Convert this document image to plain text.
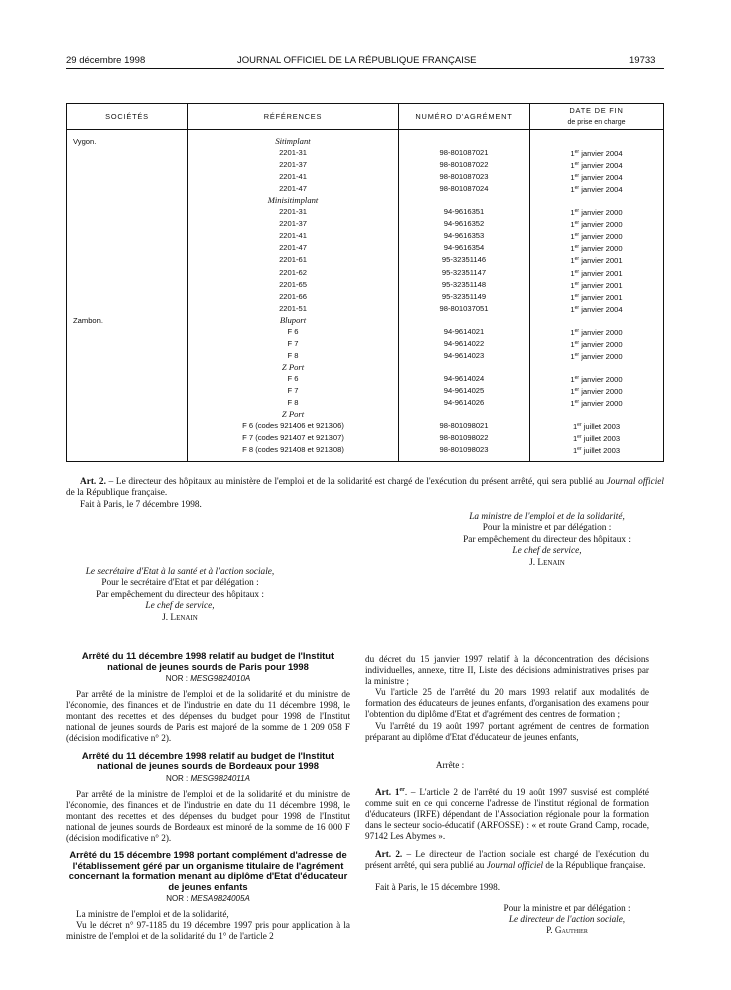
29 décembre 1998	JOURNAL OFFICIEL DE LA RÉPUBLIQUE FRANÇAISE	19733
SOCIÉTÉS	RÉFÉRENCES	NUMÉRO D'AGRÉMENT	DATE DE FIN
de prise en charge

Vygon.	Sitimplant		
	2201-31	98-801087021	1er janvier 2004
	2201-37	98-801087022	1er janvier 2004
	2201-41	98-801087023	1er janvier 2004
	2201-47	98-801087024	1er janvier 2004
	Minisitimplant		
	2201-31	94-9616351	1er janvier 2000
	2201-37	94-9616352	1er janvier 2000
	2201-41	94-9616353	1er janvier 2000
	2201-47	94-9616354	1er janvier 2000
	2201-61	95-32351146	1er janvier 2001
	2201-62	95-32351147	1er janvier 2001
	2201-65	95-32351148	1er janvier 2001
	2201-66	95-32351149	1er janvier 2001
	2201-51	98-801037051	1er janvier 2004
Zambon.	Bluport		
	F 6	94-9614021	1er janvier 2000
	F 7	94-9614022	1er janvier 2000
	F 8	94-9614023	1er janvier 2000
	Z Port		
	F 6	94-9614024	1er janvier 2000
	F 7	94-9614025	1er janvier 2000
	F 8	94-9614026	1er janvier 2000
	Z Port		
	F 6 (codes 921406 et 921306)	98-801098021	1er juillet 2003
	F 7 (codes 921407 et 921307)	98-801098022	1er juillet 2003
	F 8 (codes 921408 et 921308)	98-801098023	1er juillet 2003
Art. 2. – Le directeur des hôpitaux au ministère de l'emploi et de la solidarité est chargé de l'exécution du présent arrêté, qui sera publié au Journal officiel de la République française.
Fait à Paris, le 7 décembre 1998.
La ministre de l'emploi et de la solidarité,
Pour la ministre et par délégation :
Par empêchement du directeur des hôpitaux :
Le chef de service,
J. Lenain
Le secrétaire d'Etat à la santé et à l'action sociale,
Pour le secrétaire d'Etat et par délégation :
Par empêchement du directeur des hôpitaux :
Le chef de service,
J. Lenain
Arrêté du 11 décembre 1998 relatif au budget de l'Institut national de jeunes sourds de Paris pour 1998
NOR : MESG9824010A

Par arrêté de la ministre de l'emploi et de la solidarité et du ministre de l'économie, des finances et de l'industrie en date du 11 décembre 1998, le montant des recettes et des dépenses du budget pour 1998 de l'Institut national de jeunes sourds de Paris est majoré de la somme de 1 209 058 F (décision modificative n° 2).

Arrêté du 11 décembre 1998 relatif au budget de l'Institut national de jeunes sourds de Bordeaux pour 1998
NOR : MESG9824011A

Par arrêté de la ministre de l'emploi et de la solidarité et du ministre de l'économie, des finances et de l'industrie en date du 11 décembre 1998, le montant des recettes et des dépenses du budget pour 1998 de l'Institut national de jeunes sourds de Bordeaux est minoré de la somme de 16 000 F (décision modificative n° 2).

Arrêté du 15 décembre 1998 portant complément d'adresse de l'établissement géré par un organisme titulaire de l'agrément concernant la formation menant au diplôme d'Etat d'éducateur de jeunes enfants
NOR : MESA9824005A

La ministre de l'emploi et de la solidarité,

Vu le décret n° 97-1185 du 19 décembre 1997 pris pour application à la ministre de l'emploi et de la solidarité du 1° de l'article 2

du décret du 15 janvier 1997 relatif à la déconcentration des décisions individuelles, annexe, titre II, Liste des décisions administratives prises par la ministre ;

Vu l'article 25 de l'arrêté du 20 mars 1993 relatif aux modalités de formation des éducateurs de jeunes enfants, d'organisation des examens pour l'obtention du diplôme d'Etat et d'agrément des centres de formation ;

Vu l'arrêté du 19 août 1997 portant agrément de centres de formation préparant au diplôme d'Etat d'éducateur de jeunes enfants,

Arrête :

Art. 1er. – L'article 2 de l'arrêté du 19 août 1997 susvisé est complété comme suit en ce qui concerne l'adresse de l'institut régional de formation d'éducateurs (IRFE) dépendant de l'Association régionale pour la formation dans le secteur socio-éducatif (ARFOSSE) : « et route Grand Camp, rocade, 97142 Les Abymes ».

Art. 2. – Le directeur de l'action sociale est chargé de l'exécution du présent arrêté, qui sera publié au Journal officiel de la République française.

Fait à Paris, le 15 décembre 1998.

Pour la ministre et par délégation :
Le directeur de l'action sociale,
P. Gauthier
